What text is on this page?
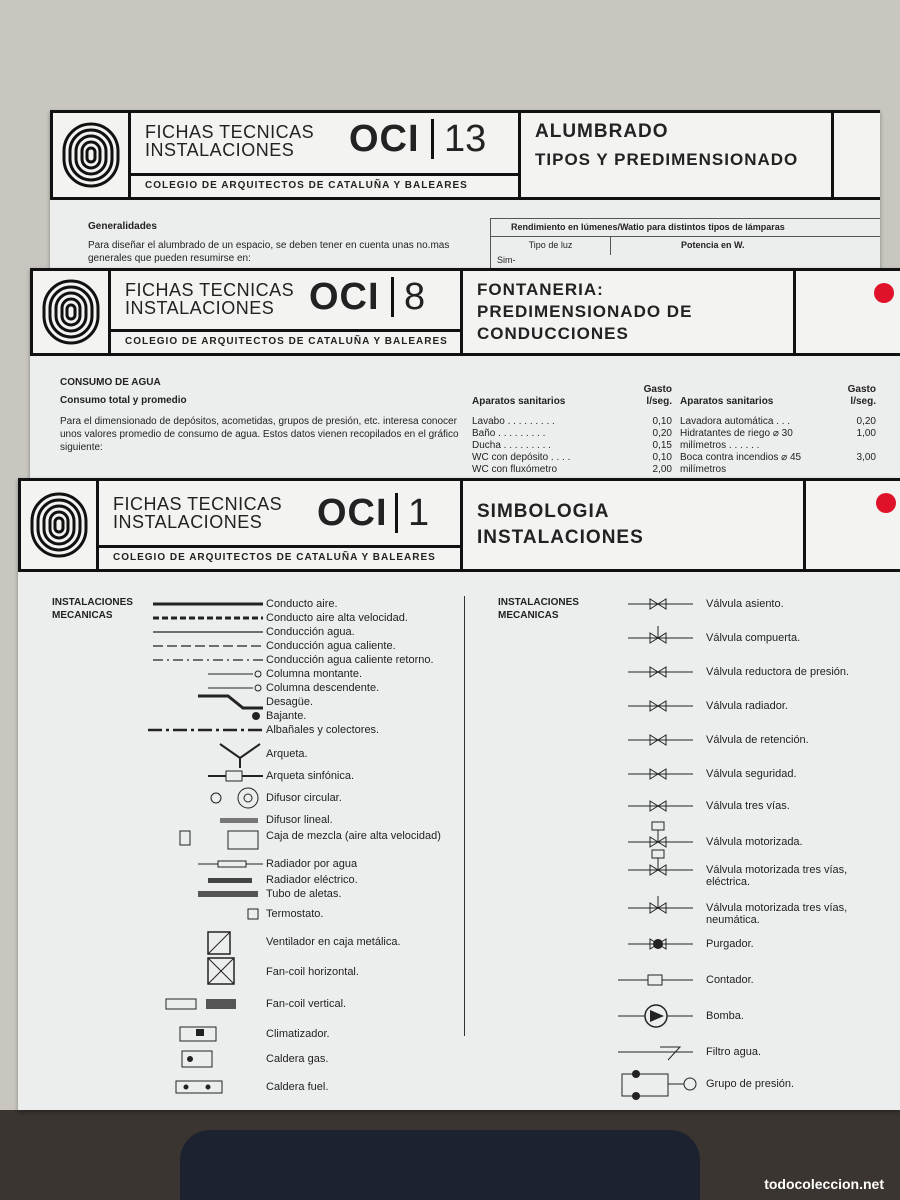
FICHAS TECNICAS
INSTALACIONES	OCI 13
COLEGIO DE ARQUITECTOS DE CATALUÑA Y BALEARES
ALUMBRADO
TIPOS Y PREDIMENSIONADO
Generalidades
Para diseñar el alumbrado de un espacio, se deben tener en cuenta unas no.mas generales que pueden resumirse en:
Rendimiento en lúmenes/Watio para distintos tipos de lámparas
Tipo de luz	Potencia en W.
Sim-
FICHAS TECNICAS
INSTALACIONES OCI 8
COLEGIO DE ARQUITECTOS DE CATALUÑA Y BALEARES
FONTANERIA:
PREDIMENSIONADO DE
CONDUCCIONES
CONSUMO DE AGUA
Consumo total y promedio
Para el dimensionado de depósitos, acometidas, grupos de presión, etc. interesa conocer unos valores promedio de consumo de agua. Estos datos vienen recopilados en el gráfico siguiente:
Aparatos sanitarios
Gasto l/seg.
Lavabo . . . . . . . . .	0,10
Baño . . . . . . . . .	0,20
Ducha . . . . . . . . .	0,15
WC con depósito . . . .	0,10
WC con fluxómetro	2,00
Aparatos sanitarios
Gasto l/seg.
Lavadora automática . . .	0,20
Hidratantes de riego ⌀ 30 milímetros . . . . . .
1,00
Boca contra incendios ⌀ 45 milímetros
3,00
FICHAS TECNICAS
INSTALACIONES	OCI 1
COLEGIO DE ARQUITECTOS DE CATALUÑA Y BALEARES
SIMBOLOGIA
INSTALACIONES
INSTALACIONES MECANICAS
INSTALACIONES MECANICAS
Conducto aire.
Conducto aire alta velocidad.
Conducción agua.
Conducción agua caliente.
Conducción agua caliente retorno.
Columna montante.
Columna descendente.
Desagüe.
Bajante.
Albañales y colectores.
Arqueta.
Arqueta sinfónica.
Difusor circular.
Difusor lineal.
Caja de mezcla (aire alta velocidad)
Radiador por agua
Radiador eléctrico.
Tubo de aletas.
Termostato.
Ventilador en caja metálica.
Fan-coil horizontal.
Fan-coil vertical.
Climatizador.
Caldera gas.
Caldera fuel.
Válvula asiento.
Válvula compuerta.
Válvula reductora de presión.
Válvula radiador.
Válvula de retención.
Válvula seguridad.
Válvula tres vías.
Válvula motorizada.
Válvula motorizada tres vías, eléctrica.
Válvula motorizada tres vías, neumática.
Purgador.
Contador.
Bomba.
Filtro agua.
Grupo de presión.
todocoleccion.net
